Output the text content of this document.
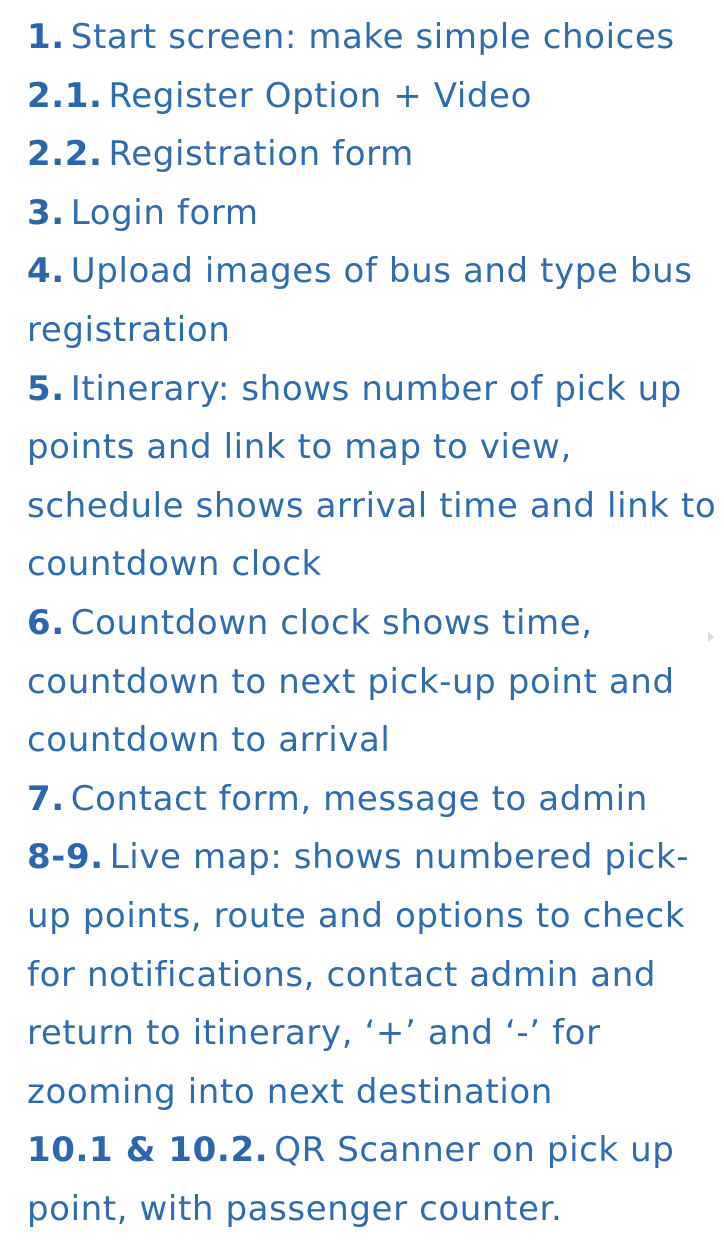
1. Start screen: make simple choices

2.1. Register Option + Video

2.2. Registration form

3. Login form

4. Upload images of bus and type bus registration

5. Itinerary: shows number of pick up points and link to map to view, schedule shows arrival time and link to countdown clock

6. Countdown clock shows time, countdown to next pick-up point and countdown to arrival

7. Contact form, message to admin

8-9. Live map: shows numbered pick-up points, route and options to check for notifications, contact admin and return to itinerary, ‘+’ and ‘-’ for zooming into next destination

10.1 & 10.2. QR Scanner on pick up point, with passenger counter.
